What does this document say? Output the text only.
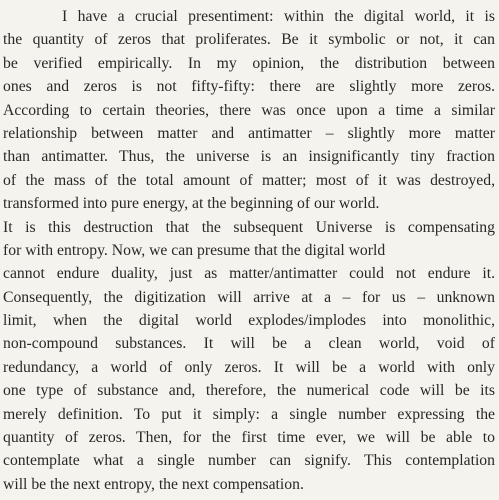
I have a crucial presentiment: within the digital world, it is
the quantity of zeros that proliferates. Be it symbolic or not, it can
be verified empirically. In my opinion, the distribution between
ones and zeros is not fifty-fifty: there are slightly more zeros.
According to certain theories, there was once upon a time a similar
relationship between matter and antimatter – slightly more matter
than antimatter. Thus, the universe is an insignificantly tiny fraction
of the mass of the total amount of matter; most of it was destroyed,
transformed into pure energy, at the beginning of our world.
It is this destruction that the subsequent Universe is compensating
for with entropy. Now, we can presume that the digital world
cannot endure duality, just as matter/antimatter could not endure it.
Consequently, the digitization will arrive at a – for us – unknown
limit, when the digital world explodes/implodes into monolithic,
non-compound substances. It will be a clean world, void of
redundancy, a world of only zeros. It will be a world with only
one type of substance and, therefore, the numerical code will be its
merely definition. To put it simply: a single number expressing the
quantity of zeros. Then, for the first time ever, we will be able to
contemplate what a single number can signify. This contemplation
will be the next entropy, the next compensation.
